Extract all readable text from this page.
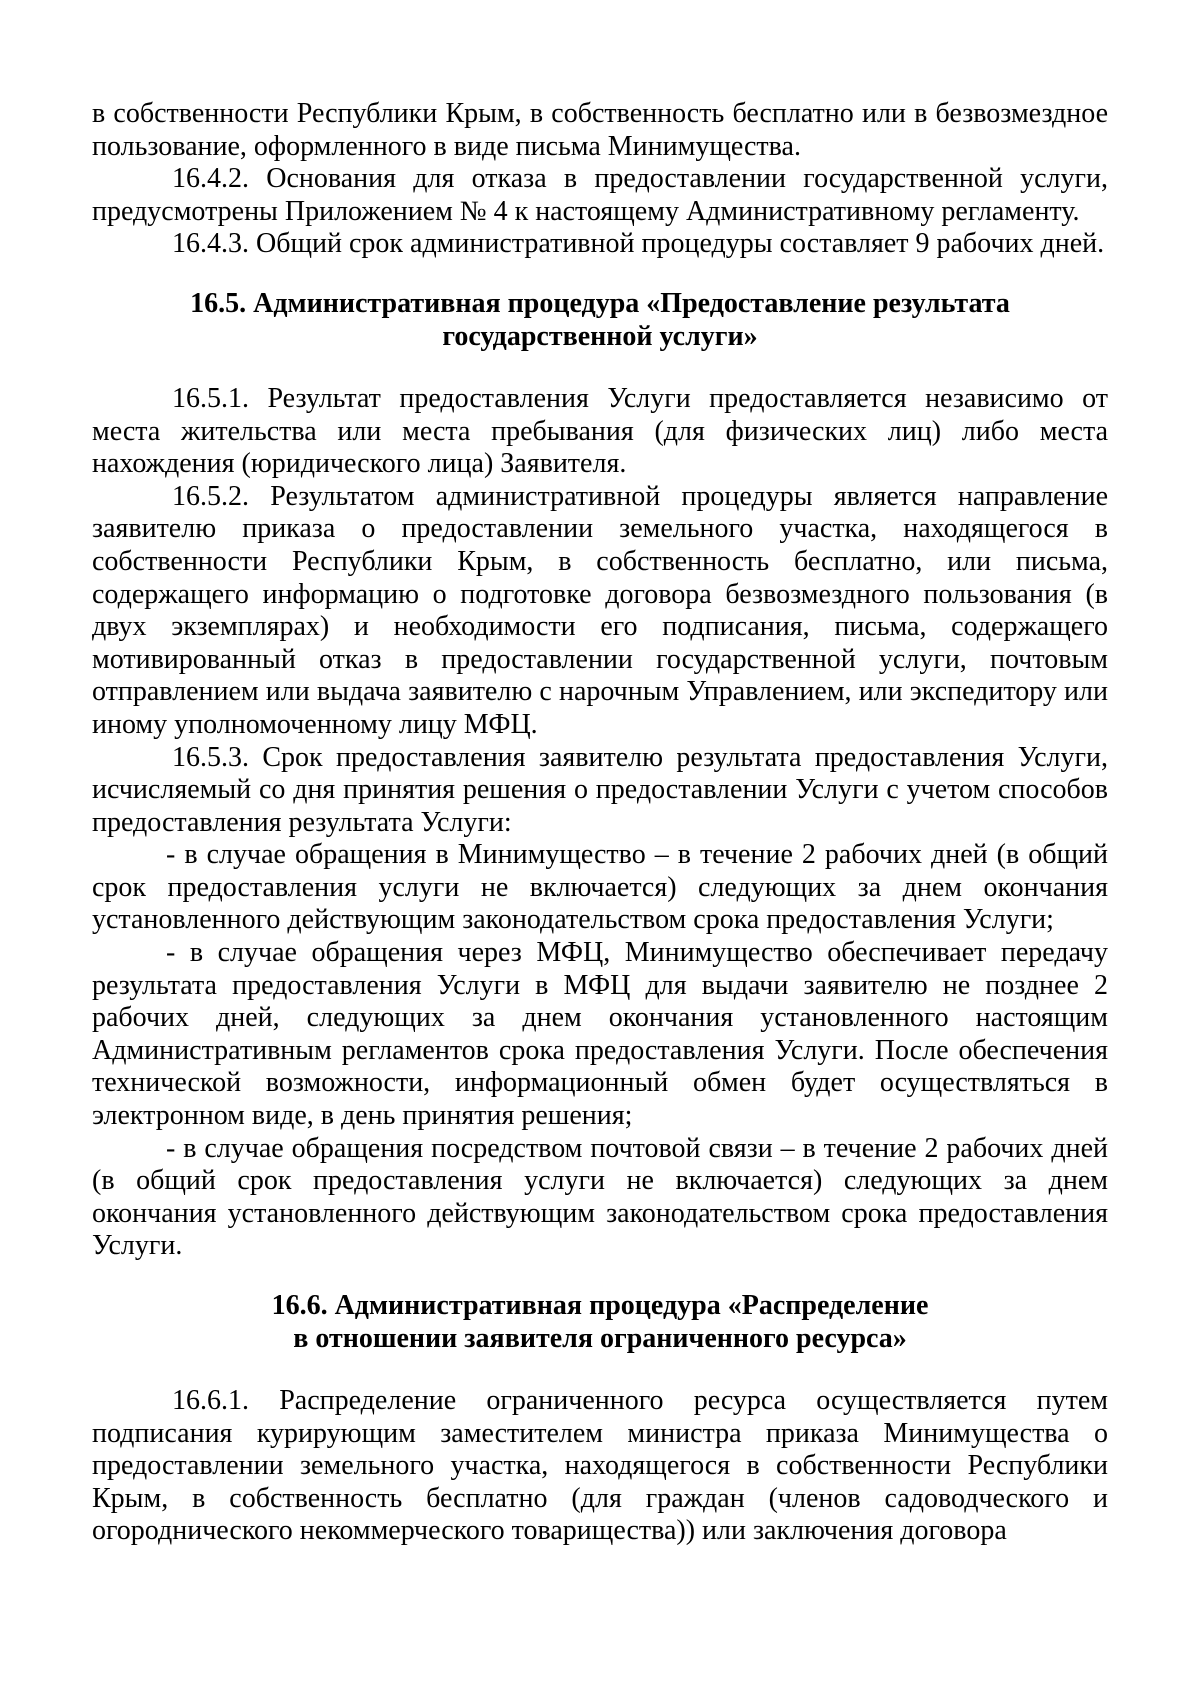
в собственности Республики Крым, в собственность бесплатно или в безвозмездное пользование, оформленного в виде письма Минимущества.

16.4.2. Основания для отказа в предоставлении государственной услуги, предусмотрены Приложением № 4 к настоящему Административному регламенту.

16.4.3. Общий срок административной процедуры составляет 9 рабочих дней.

16.5. Административная процедура «Предоставление результата
государственной услуги»

16.5.1. Результат предоставления Услуги предоставляется независимо от места жительства или места пребывания (для физических лиц) либо места нахождения (юридического лица) Заявителя.

16.5.2. Результатом административной процедуры является направление заявителю приказа о предоставлении земельного участка, находящегося в собственности Республики Крым, в собственность бесплатно, или письма, содержащего информацию о подготовке договора безвозмездного пользования (в двух экземплярах) и необходимости его подписания, письма, содержащего мотивированный отказ в предоставлении государственной услуги, почтовым отправлением или выдача заявителю с нарочным Управлением, или экспедитору или иному уполномоченному лицу МФЦ.

16.5.3. Срок предоставления заявителю результата предоставления Услуги, исчисляемый со дня принятия решения о предоставлении Услуги с учетом способов предоставления результата Услуги:

- в случае обращения в Минимущество – в течение 2 рабочих дней (в общий срок предоставления услуги не включается) следующих за днем окончания установленного действующим законодательством срока предоставления Услуги;

- в случае обращения через МФЦ, Минимущество обеспечивает передачу результата предоставления Услуги в МФЦ для выдачи заявителю не позднее 2 рабочих дней, следующих за днем окончания установленного настоящим Административным регламентов срока предоставления Услуги. После обеспечения технической возможности, информационный обмен будет осуществляться в электронном виде, в день принятия решения;

- в случае обращения посредством почтовой связи – в течение 2 рабочих дней (в общий срок предоставления услуги не включается) следующих за днем окончания установленного действующим законодательством срока предоставления Услуги.

16.6. Административная процедура «Распределение
в отношении заявителя ограниченного ресурса»

16.6.1. Распределение ограниченного ресурса осуществляется путем подписания курирующим заместителем министра приказа Минимущества о предоставлении земельного участка, находящегося в собственности Республики Крым, в собственность бесплатно (для граждан (членов садоводческого и огороднического некоммерческого товарищества)) или заключения договора
